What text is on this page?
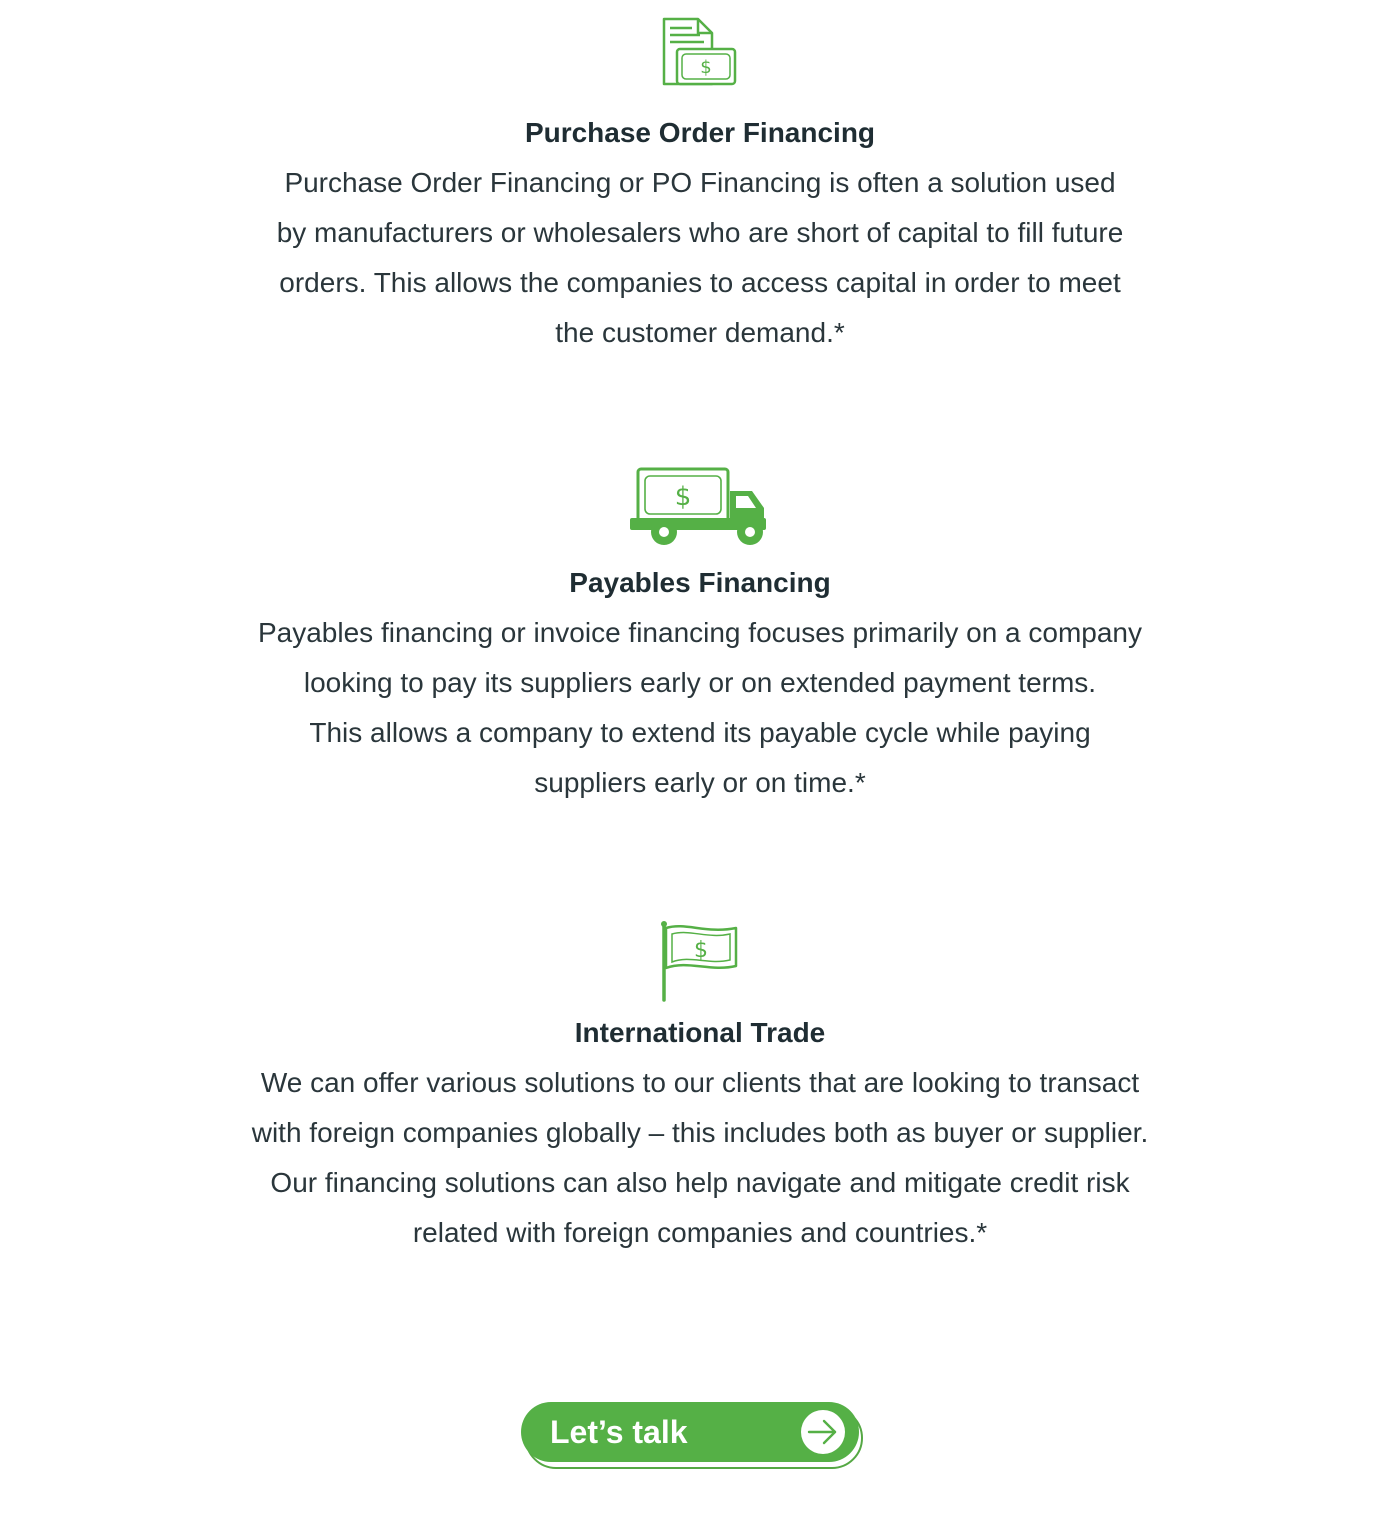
$
Purchase Order Financing

Purchase Order Financing or PO Financing is often a solution used
by manufacturers or wholesalers who are short of capital to fill future
orders. This allows the companies to access capital in order to meet
the customer demand.*

$
Payables Financing

Payables financing or invoice financing focuses primarily on a company
looking to pay its suppliers early or on extended payment terms.
This allows a company to extend its payable cycle while paying
suppliers early or on time.*

$
International Trade

We can offer various solutions to our clients that are looking to transact
with foreign companies globally – this includes both as buyer or supplier.
Our financing solutions can also help navigate and mitigate credit risk
related with foreign companies and countries.*

Let’s talk
